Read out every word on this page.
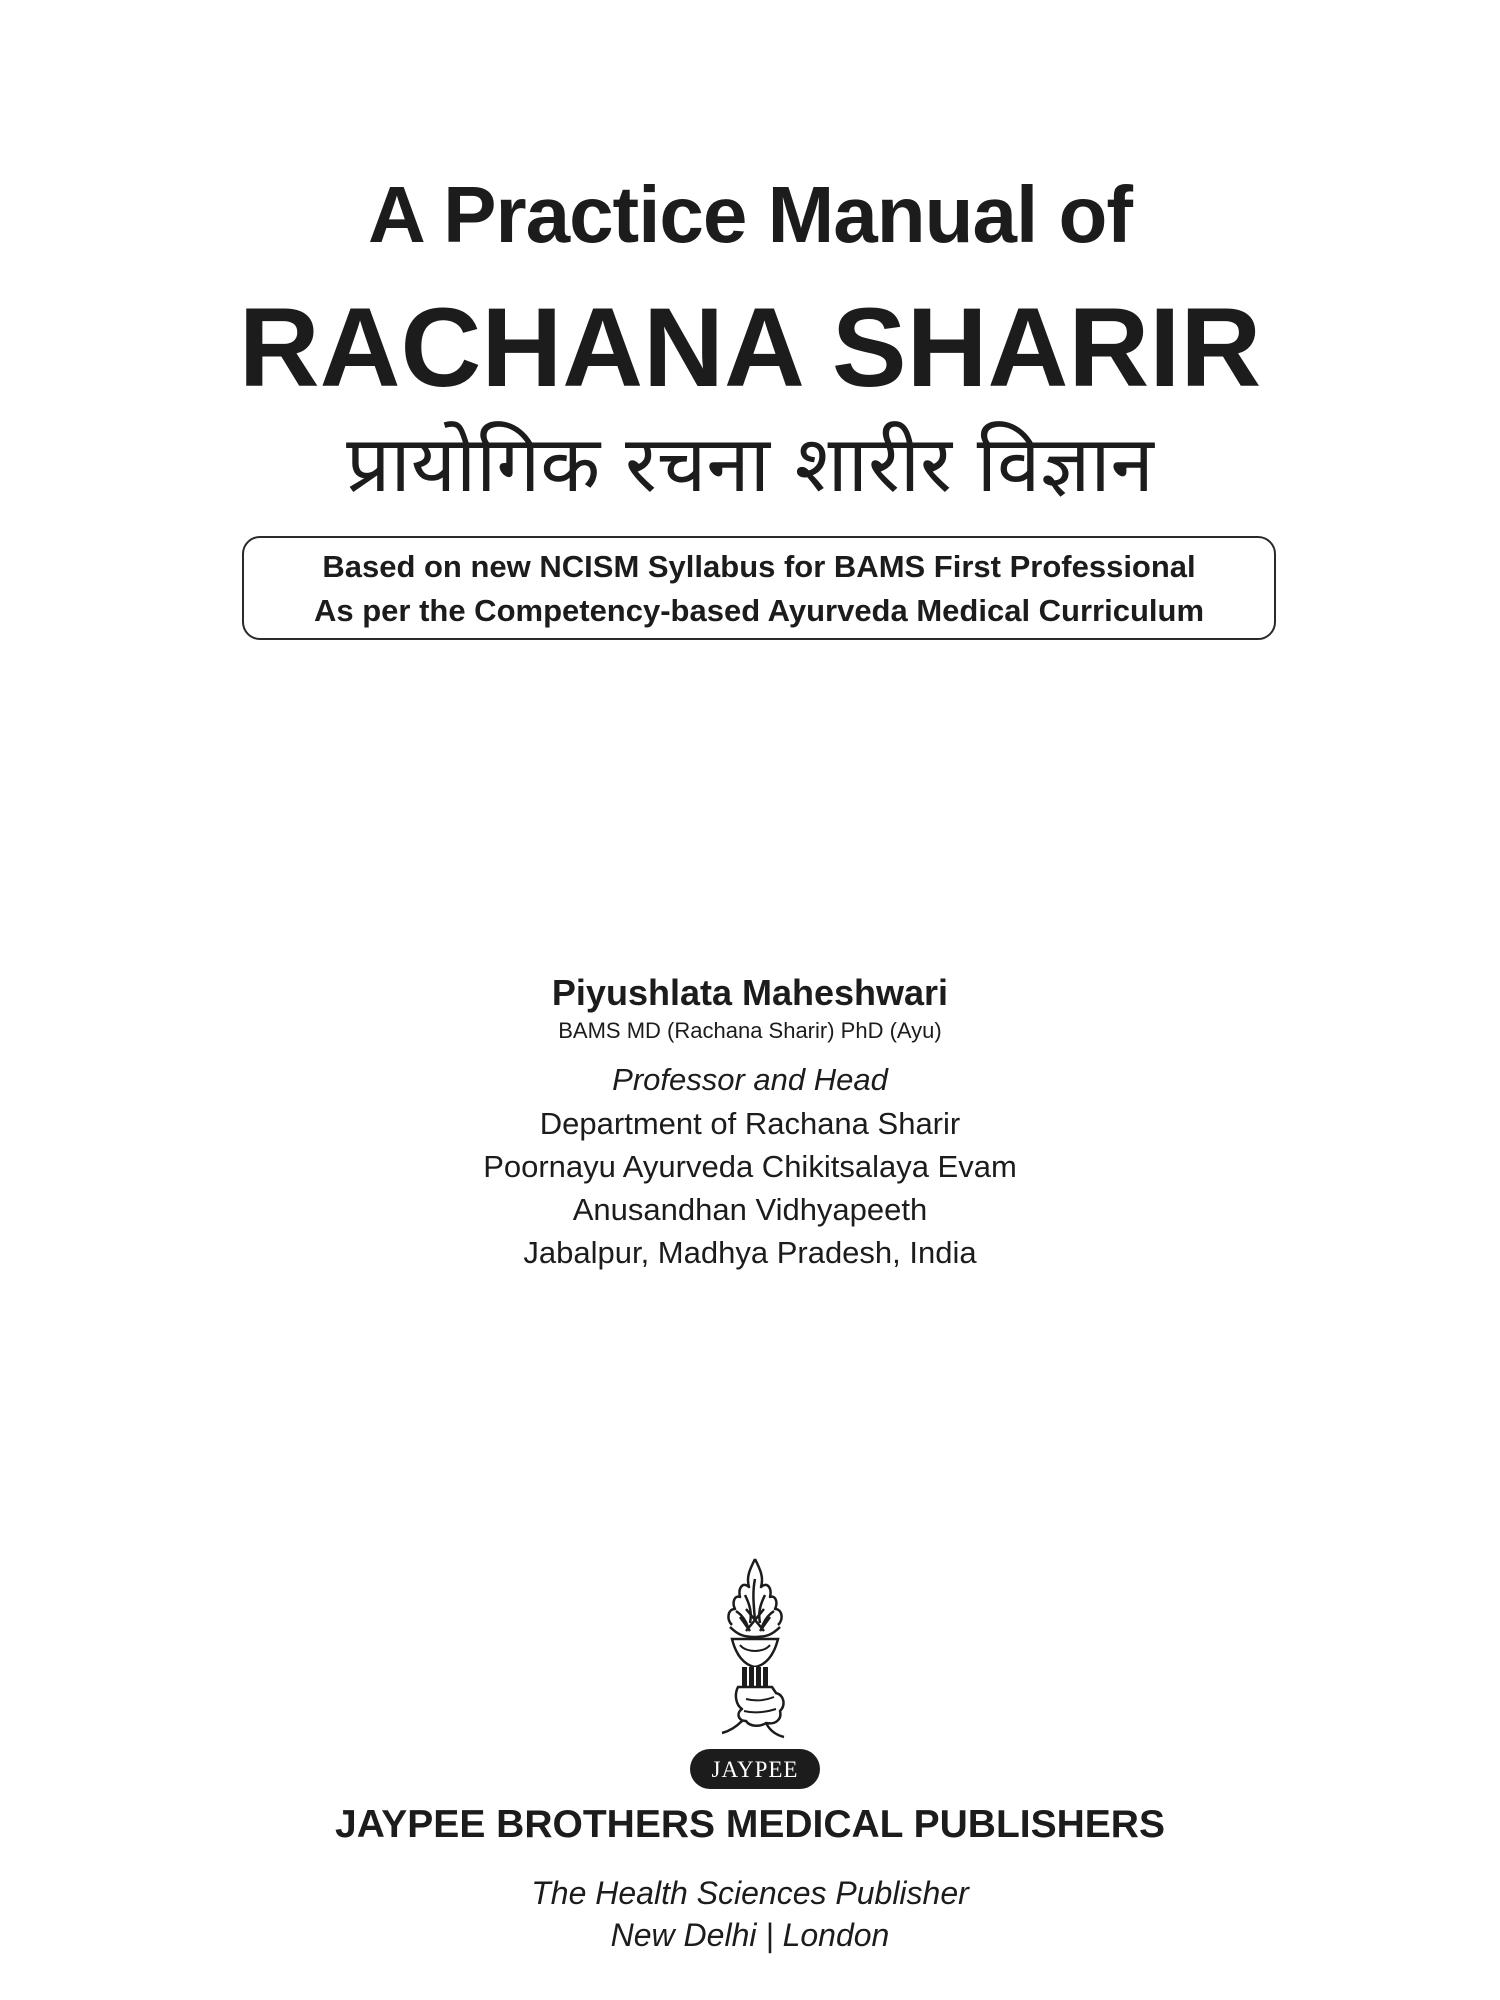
A Practice Manual of
RACHANA SHARIR
प्रायोगिक रचना शारीर विज्ञान
Based on new NCISM Syllabus for BAMS First Professional
As per the Competency-based Ayurveda Medical Curriculum
Piyushlata Maheshwari
BAMS MD (Rachana Sharir) PhD (Ayu)
Professor and Head
Department of Rachana Sharir
Poornayu Ayurveda Chikitsalaya Evam
Anusandhan Vidhyapeeth
Jabalpur, Madhya Pradesh, India
JAYPEE
JAYPEE BROTHERS MEDICAL PUBLISHERS
The Health Sciences Publisher
New Delhi | London
